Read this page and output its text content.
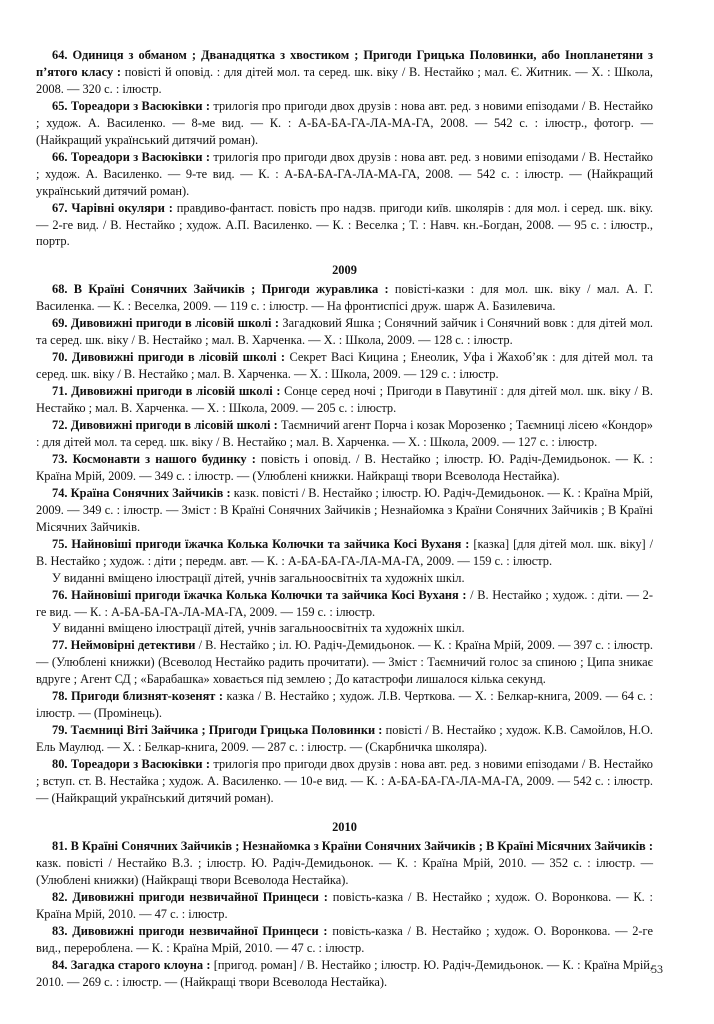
64. Одиниця з обманом ; Дванадцятка з хвостиком ; Пригоди Грицька Половинки, або Інопланетяни з п’ятого класу : повісті й оповід. : для дітей мол. та серед. шк. віку / В. Нестайко ; мал. Є. Житник. — Х. : Школа, 2008. — 320 с. : ілюстр.

65. Тореадори з Васюківки : трилогія про пригоди двох друзів : нова авт. ред. з новими епізодами / В. Нестайко ; худож. А. Василенко. — 8-ме вид. — К. : А-БА-БА-ГА-ЛА-МА-ГА, 2008. — 542 с. : ілюстр., фотогр. — (Найкращий український дитячий роман).

66. Тореадори з Васюківки : трилогія про пригоди двох друзів : нова авт. ред. з новими епізодами / В. Нестайко ; худож. А. Василенко. — 9-те вид. — К. : А-БА-БА-ГА-ЛА-МА-ГА, 2008. — 542 с. : ілюстр. — (Найкращий український дитячий роман).

67. Чарівні окуляри : правдиво-фантаст. повість про надзв. пригоди київ. школярів : для мол. і серед. шк. віку. — 2-ге вид. / В. Нестайко ; худож. А.П. Василенко. — К. : Веселка ; Т. : Навч. кн.-Богдан, 2008. — 95 с. : ілюстр., портр.

2009

68. В Країні Сонячних Зайчиків ; Пригоди журавлика : повісті-казки : для мол. шк. віку / мал. А. Г. Василенка. — К. : Веселка, 2009. — 119 с. : ілюстр. — На фронтиспісі друж. шарж А. Базилевича.

69. Дивовижні пригоди в лісовій школі : Загадковий Яшка ; Сонячний зайчик і Сонячний вовк : для дітей мол. та серед. шк. віку / В. Нестайко ; мал. В. Харченка. — Х. : Школа, 2009. — 128 с. : ілюстр.

70. Дивовижні пригоди в лісовій школі : Секрет Васі Кицина ; Енеолик, Уфа і Жахоб’як : для дітей мол. та серед. шк. віку / В. Нестайко ; мал. В. Харченка. — Х. : Школа, 2009. — 129 с. : ілюстр.

71. Дивовижні пригоди в лісовій школі : Сонце серед ночі ; Пригоди в Павутинії : для дітей мол. шк. віку / В. Нестайко ; мал. В. Харченка. — Х. : Школа, 2009. — 205 с. : ілюстр.

72. Дивовижні пригоди в лісовій школі : Таємничий агент Порча і козак Морозенко ; Таємниці лісею «Кондор» : для дітей мол. та серед. шк. віку / В. Нестайко ; мал. В. Харченка. — Х. : Школа, 2009. — 127 с. : ілюстр.

73. Космонавти з нашого будинку : повість і оповід. / В. Нестайко ; ілюстр. Ю. Радіч-Демидьонок. — К. : Країна Мрій, 2009. — 349 с. : ілюстр. — (Улюблені книжки. Найкращі твори Всеволода Нестайка).

74. Країна Сонячних Зайчиків : казк. повісті / В. Нестайко ; ілюстр. Ю. Радіч-Демидьонок. — К. : Країна Мрій, 2009. — 349 с. : ілюстр. — Зміст : В Країні Сонячних Зайчиків ; Незнайомка з Країни Сонячних Зайчиків ; В Країні Місячних Зайчиків.

75. Найновіші пригоди їжачка Колька Колючки та зайчика Косі Вуханя : [казка] [для дітей мол. шк. віку] / В. Нестайко ; худож. : діти ; передм. авт. — К. : А-БА-БА-ГА-ЛА-МА-ГА, 2009. — 159 с. : ілюстр.

У виданні вміщено ілюстрації дітей, учнів загальноосвітніх та художніх шкіл.

76. Найновіші пригоди їжачка Колька Колючки та зайчика Косі Вуханя : / В. Нестайко ; худож. : діти. — 2-ге вид. — К. : А-БА-БА-ГА-ЛА-МА-ГА, 2009. — 159 с. : ілюстр.

У виданні вміщено ілюстрації дітей, учнів загальноосвітніх та художніх шкіл.

77. Неймовірні детективи / В. Нестайко ; іл. Ю. Радіч-Демидьонок. — К. : Країна Мрій, 2009. — 397 с. : ілюстр. — (Улюблені книжки) (Всеволод Нестайко радить прочитати). — Зміст : Таємничий голос за спиною ; Ципа зникає вдруге ; Агент СД ; «Барабашка» ховається під землею ; До катастрофи лишалося кілька секунд.

78. Пригоди близнят-козенят : казка / В. Нестайко ; худож. Л.В. Черткова. — Х. : Белкар-книга, 2009. — 64 с. : ілюстр. — (Промінець).

79. Таємниці Віті Зайчика ; Пригоди Грицька Половинки : повісті / В. Нестайко ; худож. К.В. Самойлов, Н.О. Ель Маулюд. — Х. : Белкар-книга, 2009. — 287 с. : ілюстр. — (Скарбничка школяра).

80. Тореадори з Васюківки : трилогія про пригоди двох друзів : нова авт. ред. з новими епізодами / В. Нестайко ; вступ. ст. В. Нестайка ; худож. А. Василенко. — 10-е вид. — К. : А-БА-БА-ГА-ЛА-МА-ГА, 2009. — 542 с. : ілюстр. — (Найкращий український дитячий роман).

2010

81. В Країні Сонячних Зайчиків ; Незнайомка з Країни Сонячних Зайчиків ; В Країні Місячних Зайчиків : казк. повісті / Нестайко В.З. ; ілюстр. Ю. Радіч-Демидьонок. — К. : Країна Мрій, 2010. — 352 с. : ілюстр. — (Улюблені книжки) (Найкращі твори Всеволода Нестайка).

82. Дивовижні пригоди незвичайної Принцеси : повість-казка / В. Нестайко ; худож. О. Воронкова. — К. : Країна Мрій, 2010. — 47 с. : ілюстр.

83. Дивовижні пригоди незвичайної Принцеси : повість-казка / В. Нестайко ; худож. О. Воронкова. — 2-ге вид., перероблена. — К. : Країна Мрій, 2010. — 47 с. : ілюстр.

84. Загадка старого клоуна : [пригод. роман] / В. Нестайко ; ілюстр. Ю. Радіч-Демидьонок. — К. : Країна Мрій, 2010. — 269 с. : ілюстр. — (Найкращі твори Всеволода Нестайка).

53
